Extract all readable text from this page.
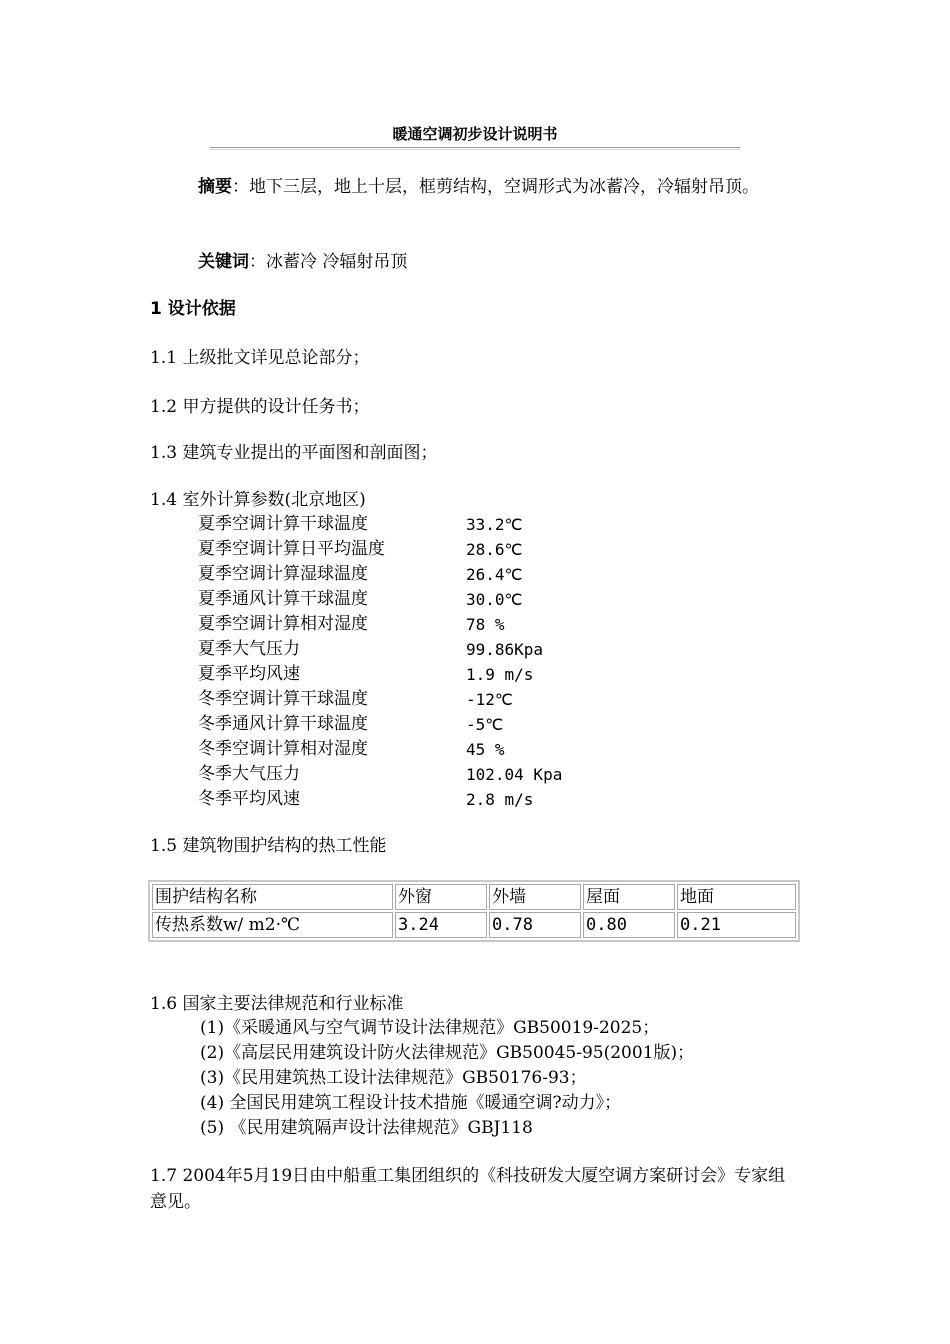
暖通空调初步设计说明书
摘要：地下三层，地上十层，框剪结构，空调形式为冰蓄冷，冷辐射吊顶。
关键词：冰蓄冷 冷辐射吊顶
1 设计依据
1.1 上级批文详见总论部分；
1.2 甲方提供的设计任务书；
1.3 建筑专业提出的平面图和剖面图；
1.4 室外计算参数(北京地区)
夏季空调计算干球温度	33.2℃
夏季空调计算日平均温度	28.6℃
夏季空调计算湿球温度	26.4℃
夏季通风计算干球温度	30.0℃
夏季空调计算相对湿度	78 %
夏季大气压力	99.86Kpa
夏季平均风速	1.9 m/s
冬季空调计算干球温度	-12℃
冬季通风计算干球温度	-5℃
冬季空调计算相对湿度	45 %
冬季大气压力	102.04 Kpa
冬季平均风速	2.8 m/s
1.5 建筑物围护结构的热工性能
围护结构名称	外窗	外墙	屋面	地面
传热系数w/ m2·℃	3.24	0.78	0.80	0.21
1.6 国家主要法律规范和行业标准
(1)《采暖通风与空气调节设计法律规范》GB50019-2025；
(2)《高层民用建筑设计防火法律规范》GB50045-95(2001版)；
(3)《民用建筑热工设计法律规范》GB50176-93；
(4) 全国民用建筑工程设计技术措施《暖通空调?动力》；
(5) 《民用建筑隔声设计法律规范》GBJ118
1.7 2004年5月19日由中船重工集团组织的《科技研发大厦空调方案研讨会》专家组意见。
